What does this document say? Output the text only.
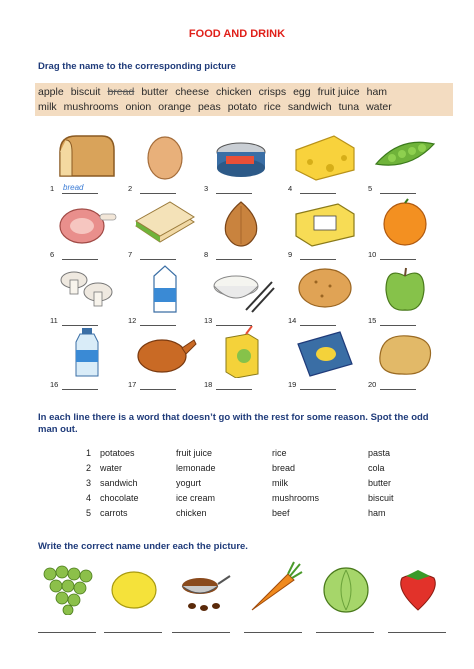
FOOD AND DRINK
Drag the name to the corresponding picture
apple biscuit bread butter cheese chicken crisps egg fruit juice ham
milk mushrooms onion orange peas potato rice sandwich tuna water
1 bread	2	3	4	5
6	7	8	9	10
11	12	13	14	15
16	17	18	19	20
In each line there is a word that doesn’t go with the rest for some reason. Spot the odd man out.
Write the correct name under each the picture.
1 potatoes	fruit juice	rice	pasta
2 water	lemonade	bread	cola
3 sandwich	yogurt	milk	butter
4 chocolate	ice cream	mushrooms	biscuit
5 carrots	chicken	beef	ham
